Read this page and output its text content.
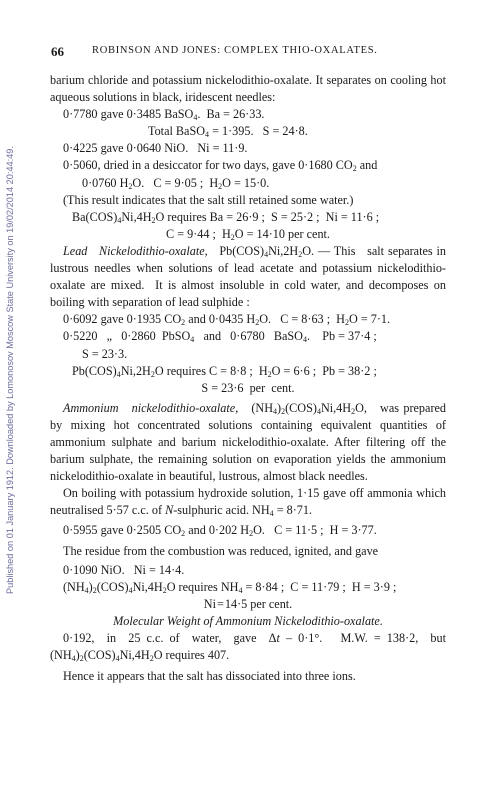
Published on 01 January 1912. Downloaded by Lomonosov Moscow State University on 19/02/2014 20:44:49.
66	ROBINSON AND JONES: COMPLEX THIO-OXALATES.

barium chloride and potassium nickelodithio-oxalate. It separates on cooling hot aqueous solutions in black, iridescent needles:

0·7780 gave 0·3485 BaSO$_4$.  Ba = 26·33.

Total BaSO$_4$ = 1·395.   S = 24·8.

0·4225 gave 0·0640 NiO.   Ni = 11·9.

0·5060, dried in a desiccator for two days, gave 0·1680 $CO_2$ and

0·0760 $H_2O$.   C = 9·05 ;  $H_2O = 15\cdot 0$.

(This result indicates that the salt still retained some water.)

$Ba(COS)_4Ni,4H_2O$ requires Ba = 26·9 ;  S = 25·2 ;  Ni = 11·6 ;

C = 9·44 ;  $H_2O = 14\cdot 10$ per cent.

Lead   Nickelodithio-oxalate,   $Pb(COS)_4Ni,2H_2O$. — This   salt separates in lustrous needles when solutions of lead acetate and potassium nickelodithio-oxalate are mixed.  It is almost insoluble in cold water, and decomposes on boiling with separation of lead sulphide :

0·6092 gave 0·1935 $CO_2$ and 0·0435 $H_2O$.   C = 8·63 ;  $H_2O = 7\cdot 1$.

0·5220   „   0·2860  PbSO$_4$   and   0·6780   BaSO$_4$.    Pb = 37·4 ;

S = 23·3.

$Pb(COS)_4Ni,2H_2O$ requires C = 8·8 ;  $H_2O = 6\cdot 6$ ;  Pb = 38·2 ;

S = 23·6  per  cent.

Ammonium   nickelodithio-oxalate,   $(NH_4)_2(COS)_4Ni,4H_2O$,   was prepared by mixing hot concentrated solutions containing equivalent quantities of ammonium sulphate and barium nickelodithio-oxalate. After filtering off the barium sulphate, the remaining solution on evaporation yields the ammonium nickelodithio-oxalate in beautiful, lustrous, almost black needles.

On boiling with potassium hydroxide solution, 1·15 gave off ammonia which neutralised 5·57 c.c. of N-sulphuric acid. $NH_4 = 8\cdot 71$.

0·5955 gave 0·2505 $CO_2$ and 0·202 $H_2O$.   C = 11·5 ;  H = 3·77.

The residue from the combustion was reduced, ignited, and gave

0·1090 NiO.   Ni = 14·4.

$(NH_4)_2(COS)_4Ni,4H_2O$ requires $NH_4 = 8\cdot 84$ ;  C = 11·79 ;  H = 3·9 ;

Ni = 14·5 per cent.

Molecular Weight of Ammonium Nickelodithio-oxalate.

0·192,  in  25 c.c. of  water,  gave  Δt – 0·1°.   M.W. = 138·2,  but $(NH_4)_2(COS)_4Ni,4H_2O$ requires 407.

Hence it appears that the salt has dissociated into three ions.
